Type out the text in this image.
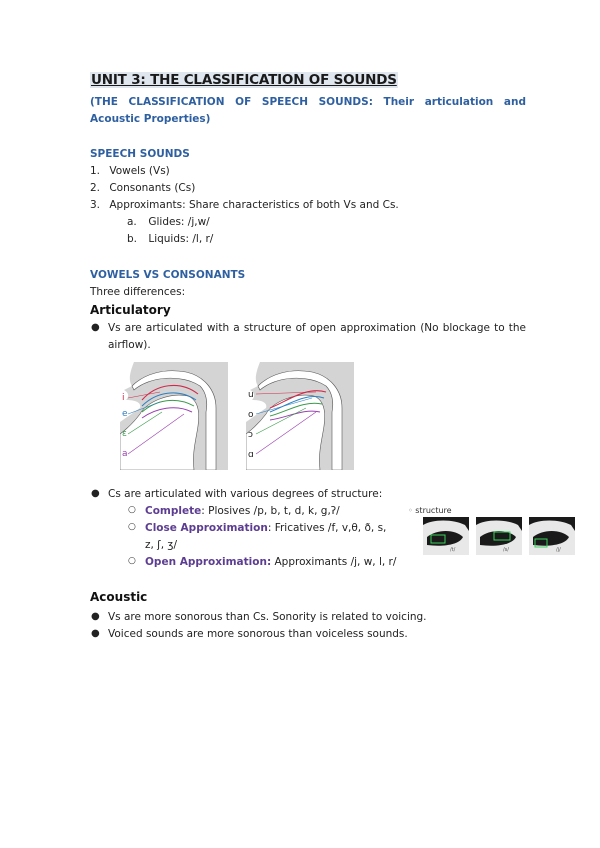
UNIT 3: THE CLASSIFICATION OF SOUNDS
(THE CLASSIFICATION OF SPEECH SOUNDS: Their articulation and Acoustic Properties)
SPEECH SOUNDS
1. Vowels (Vs)
2. Consonants (Cs)
3. Approximants: Share characteristics of both Vs and Cs.
a. Glides: /j,w/
b. Liquids: /l, r/
VOWELS VS CONSONANTS
Three differences:
Articulatory
● Vs are articulated with a structure of open approximation (No blockage to the airflow).
i
e
ɛ
a
u
o
ɔ
ɑ
● Cs are articulated with various degrees of structure:
○ Complete: Plosives /p, b, t, d, k, g,ʔ/
○ Close Approximation: Fricatives /f, v,θ, ð, s, z, ʃ, ʒ/
○ Open Approximation: Approximants /j, w, l, r/
◦ structure
/t/	/s/	/j/
Acoustic
● Vs are more sonorous than Cs. Sonority is related to voicing.
● Voiced sounds are more sonorous than voiceless sounds.
